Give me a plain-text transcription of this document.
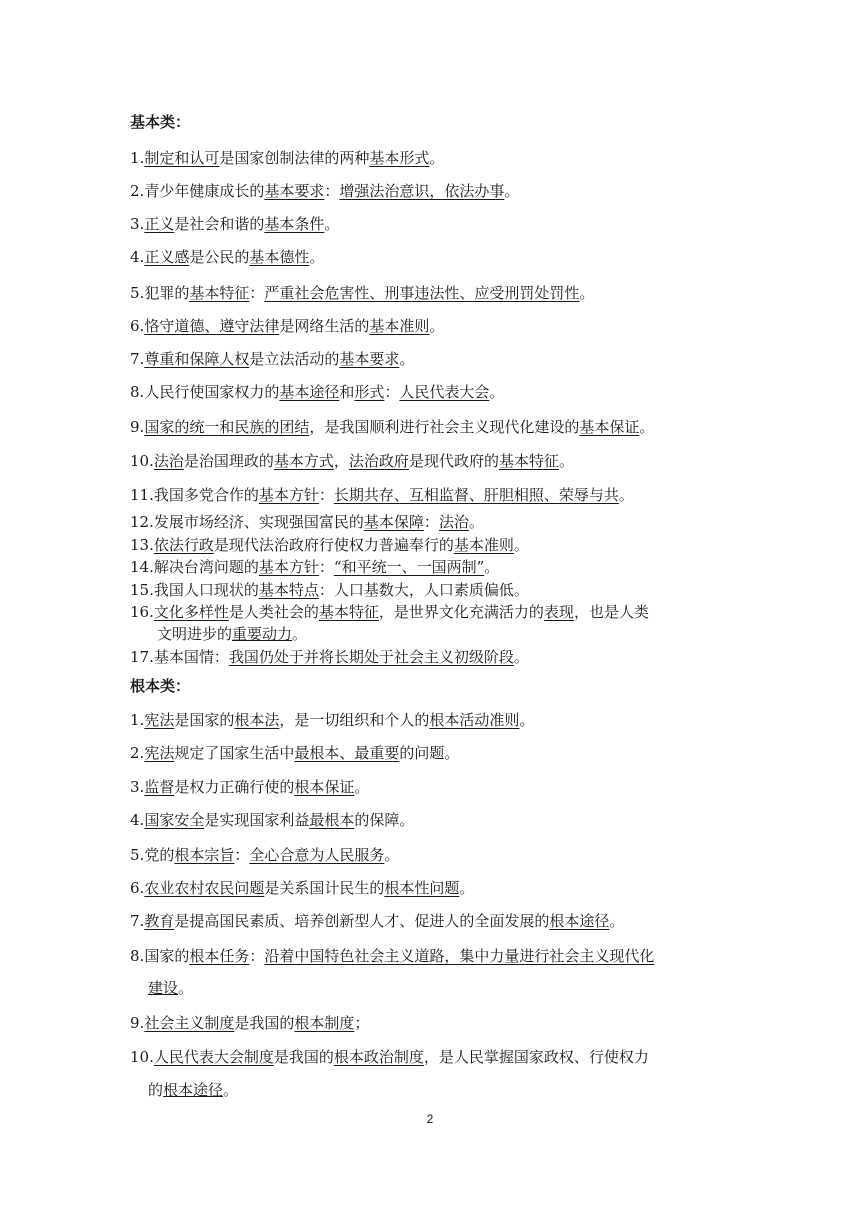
基本类：
1.制定和认可是国家创制法律的两种基本形式。
2.青少年健康成长的基本要求：增强法治意识，依法办事。
3.正义是社会和谐的基本条件。
4.正义感是公民的基本德性。
5.犯罪的基本特征：严重社会危害性、刑事违法性、应受刑罚处罚性。
6.恪守道德、遵守法律是网络生活的基本准则。
7.尊重和保障人权是立法活动的基本要求。
8.人民行使国家权力的基本途径和形式：人民代表大会。
9.国家的统一和民族的团结，是我国顺利进行社会主义现代化建设的基本保证。
10.法治是治国理政的基本方式，法治政府是现代政府的基本特征。
11.我国多党合作的基本方针：长期共存、互相监督、肝胆相照、荣辱与共。
12.发展市场经济、实现强国富民的基本保障：法治。
13.依法行政是现代法治政府行使权力普遍奉行的基本准则。
14.解决台湾问题的基本方针：“和平统一、一国两制”。
15.我国人口现状的基本特点：人口基数大，人口素质偏低。
16.文化多样性是人类社会的基本特征，是世界文化充满活力的表现，也是人类
文明进步的重要动力。
17.基本国情：我国仍处于并将长期处于社会主义初级阶段。
根本类：
1.宪法是国家的根本法，是一切组织和个人的根本活动准则。
2.宪法规定了国家生活中最根本、最重要的问题。
3.监督是权力正确行使的根本保证。
4.国家安全是实现国家利益最根本的保障。
5.党的根本宗旨：全心合意为人民服务。
6.农业农村农民问题是关系国计民生的根本性问题。
7.教育是提高国民素质、培养创新型人才、促进人的全面发展的根本途径。
8.国家的根本任务：沿着中国特色社会主义道路，集中力量进行社会主义现代化
建设。
9.社会主义制度是我国的根本制度；
10.人民代表大会制度是我国的根本政治制度，是人民掌握国家政权、行使权力
的根本途径。
2
